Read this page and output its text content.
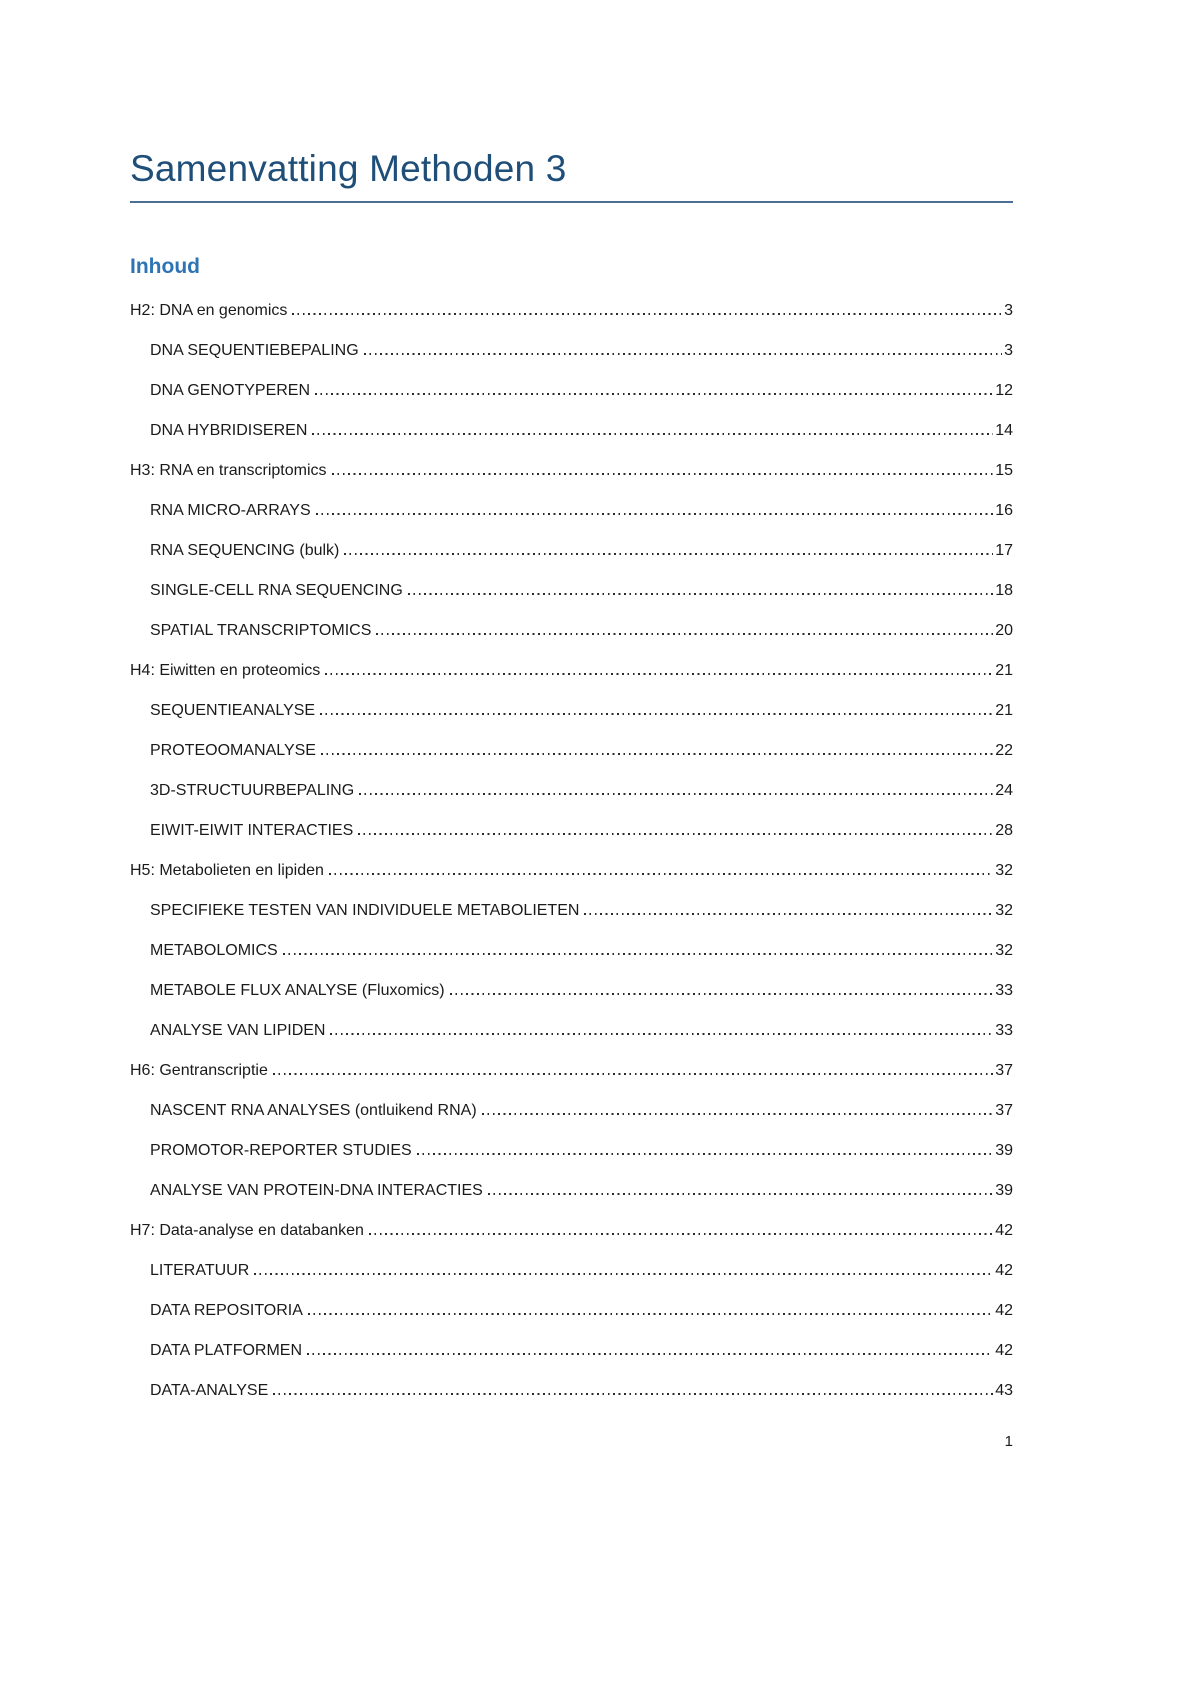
Samenvatting Methoden 3
Inhoud
H2: DNA en genomics	3
DNA SEQUENTIEBEPALING	3
DNA GENOTYPEREN	12
DNA HYBRIDISEREN	14
H3: RNA en transcriptomics	15
RNA MICRO-ARRAYS	16
RNA SEQUENCING (bulk)	17
SINGLE-CELL RNA SEQUENCING	18
SPATIAL TRANSCRIPTOMICS	20
H4: Eiwitten en proteomics	21
SEQUENTIEANALYSE	21
PROTEOOMANALYSE	22
3D-STRUCTUURBEPALING	24
EIWIT-EIWIT INTERACTIES	28
H5: Metabolieten en lipiden	32
SPECIFIEKE TESTEN VAN INDIVIDUELE METABOLIETEN	32
METABOLOMICS	32
METABOLE FLUX ANALYSE (Fluxomics)	33
ANALYSE VAN LIPIDEN	33
H6: Gentranscriptie	37
NASCENT RNA ANALYSES (ontluikend RNA)	37
PROMOTOR-REPORTER STUDIES	39
ANALYSE VAN PROTEIN-DNA INTERACTIES	39
H7: Data-analyse en databanken	42
LITERATUUR	42
DATA REPOSITORIA	42
DATA PLATFORMEN	42
DATA-ANALYSE	43
1
